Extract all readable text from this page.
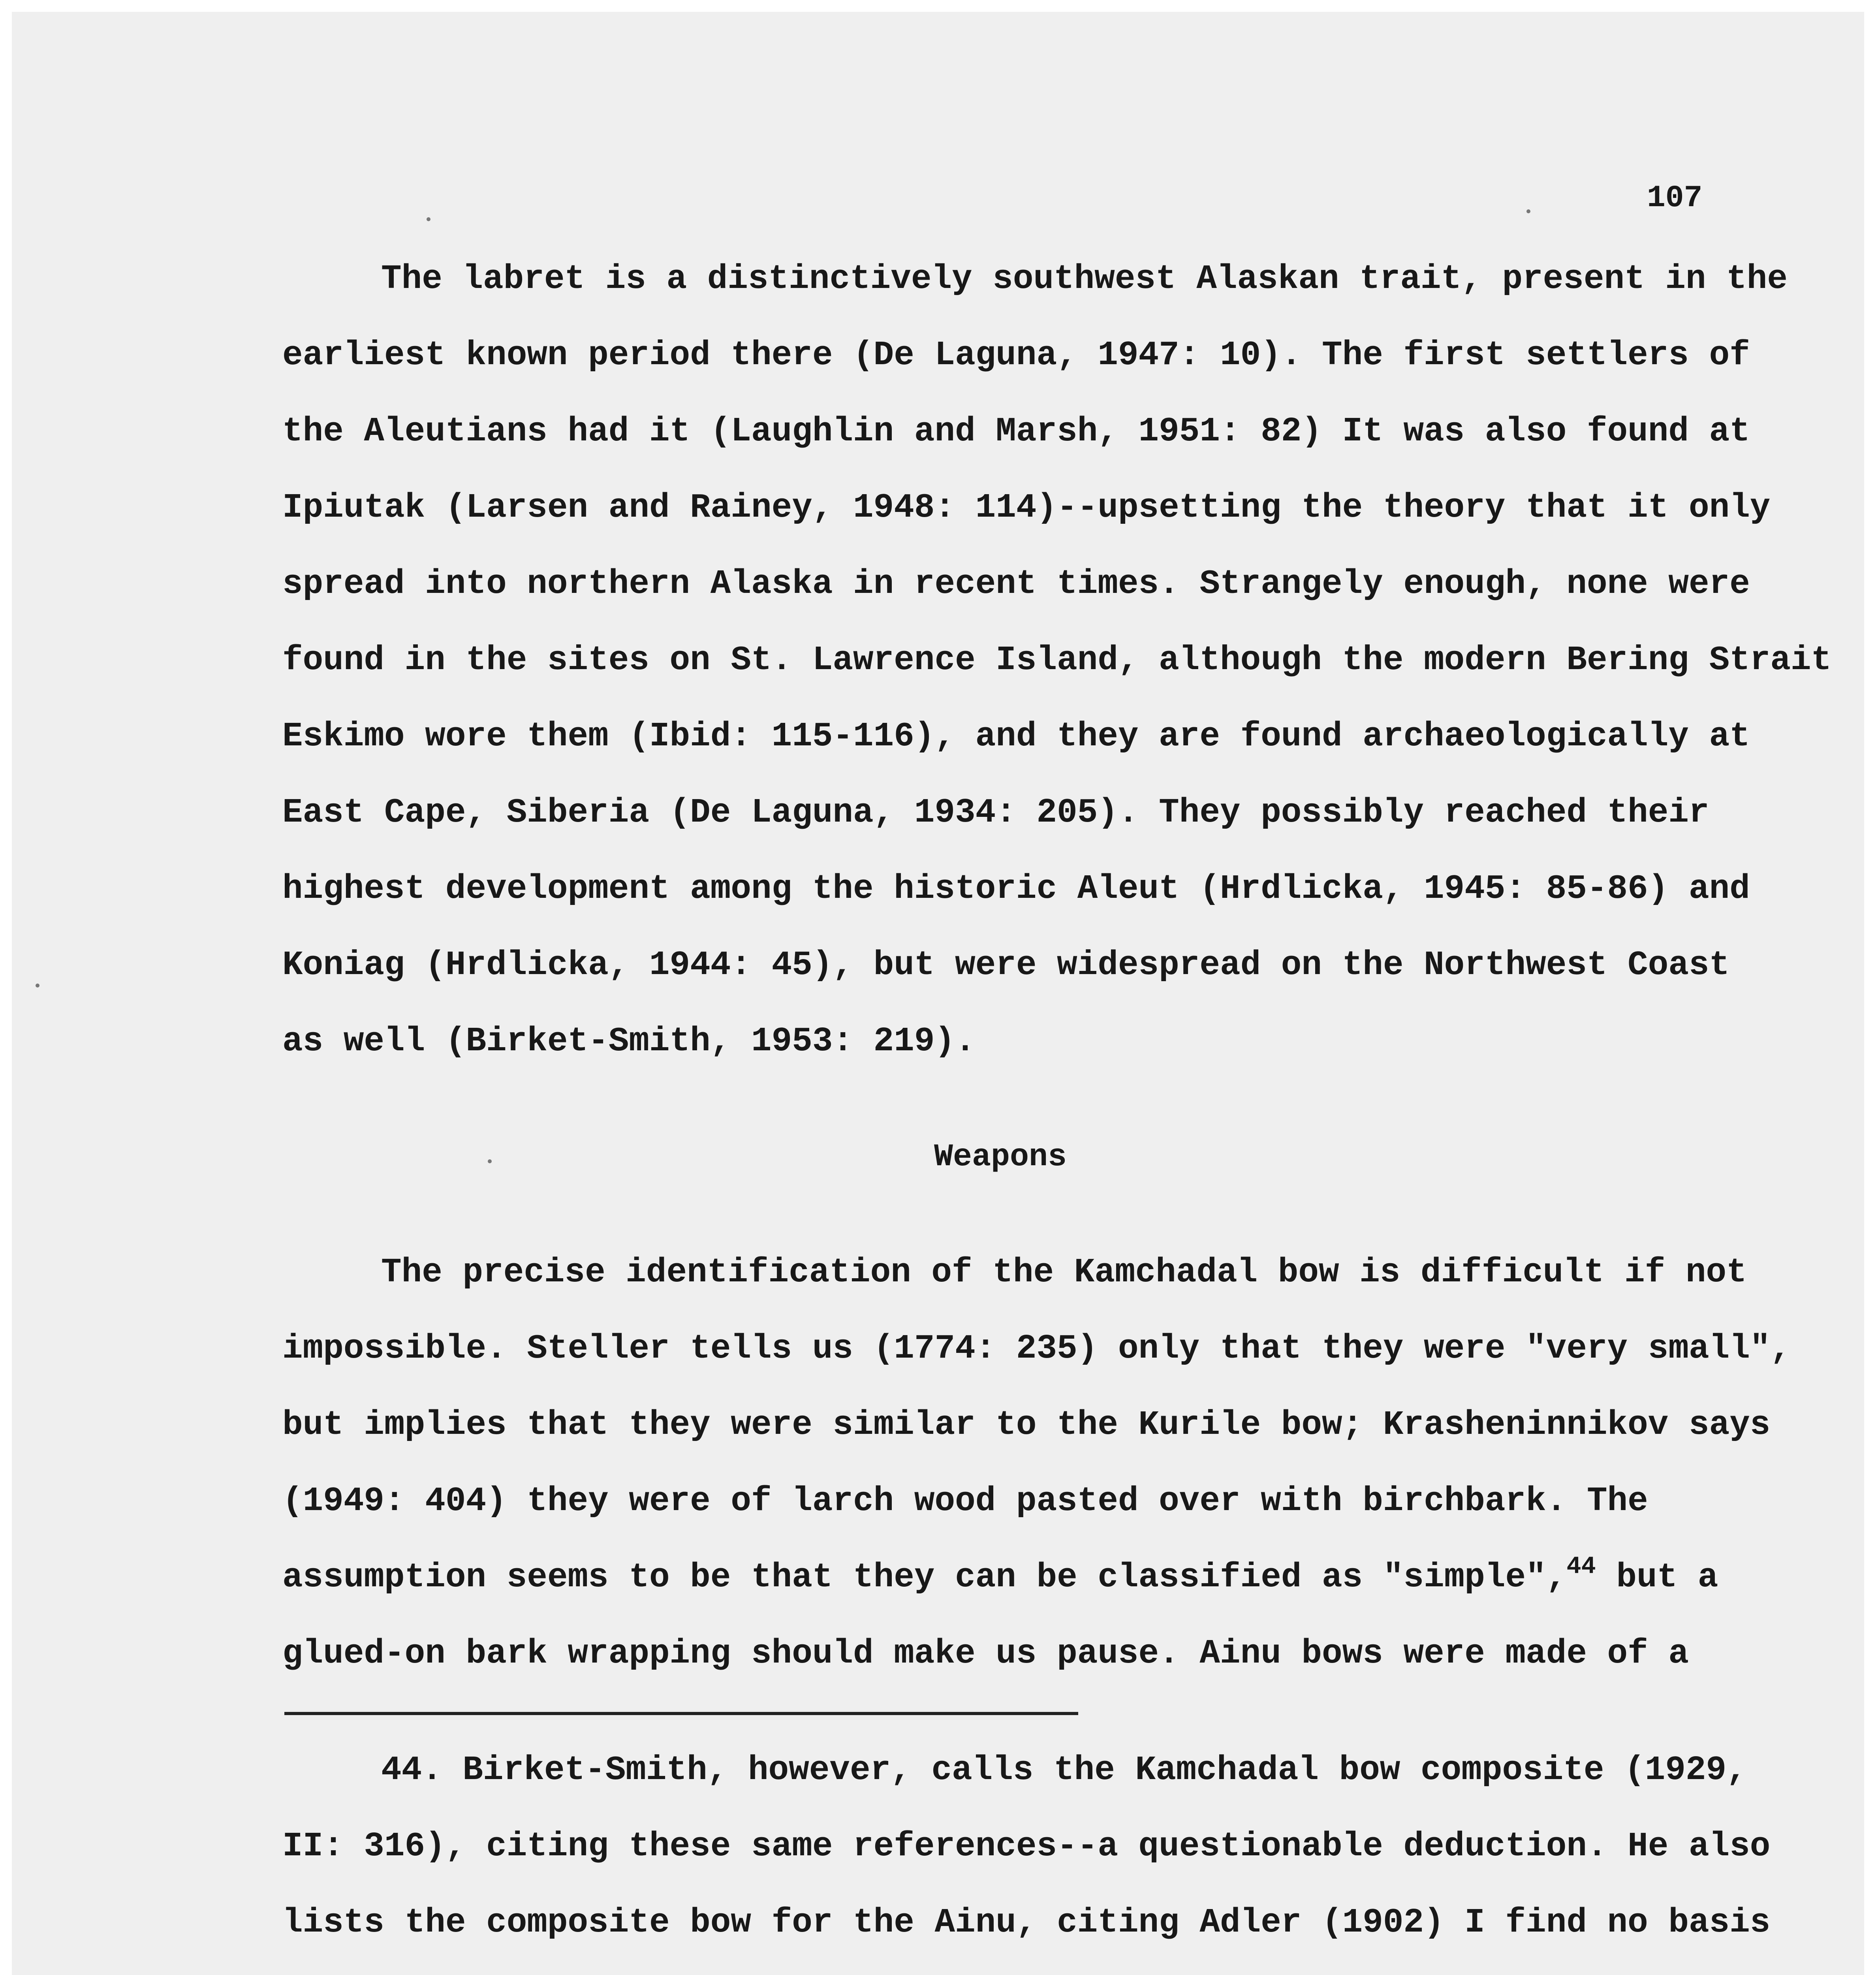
107
The labret is a distinctively southwest Alaskan trait, present in the
earliest known period there (De Laguna, 1947: 10). The first settlers of
the Aleutians had it (Laughlin and Marsh, 1951: 82) It was also found at
Ipiutak (Larsen and Rainey, 1948: 114)--upsetting the theory that it only
spread into northern Alaska in recent times. Strangely enough, none were
found in the sites on St. Lawrence Island, although the modern Bering Strait
Eskimo wore them (Ibid: 115-116), and they are found archaeologically at
East Cape, Siberia (De Laguna, 1934: 205). They possibly reached their
highest development among the historic Aleut (Hrdlicka, 1945: 85-86) and
Koniag (Hrdlicka, 1944: 45), but were widespread on the Northwest Coast
as well (Birket-Smith, 1953: 219).
Weapons
The precise identification of the Kamchadal bow is difficult if not
impossible. Steller tells us (1774: 235) only that they were "very small",
but implies that they were similar to the Kurile bow; Krasheninnikov says
(1949: 404) they were of larch wood pasted over with birchbark. The
assumption seems to be that they can be classified as "simple",$^{44}$ but a
glued-on bark wrapping should make us pause. Ainu bows were made of a
44. Birket-Smith, however, calls the Kamchadal bow composite (1929,
II: 316), citing these same references--a questionable deduction. He also
lists the composite bow for the Ainu, citing Adler (1902) I find no basis
